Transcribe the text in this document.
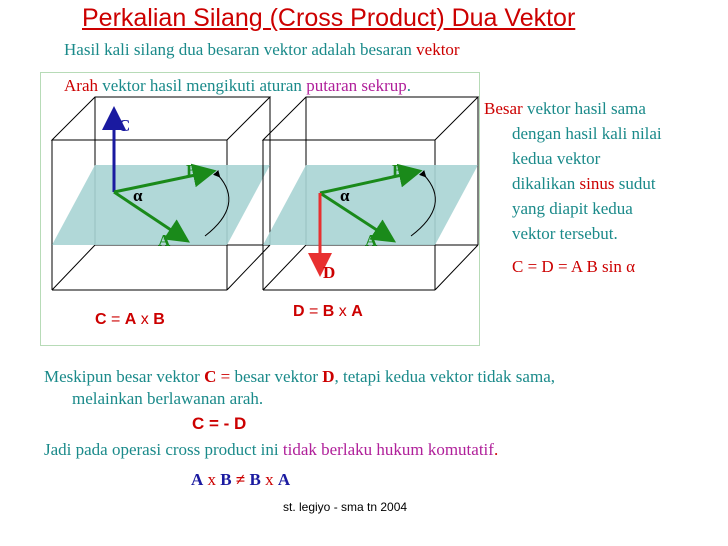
Perkalian Silang (Cross Product) Dua Vektor
Hasil kali silang dua besaran vektor adalah besaran vektor
Arah vektor hasil mengikuti aturan putaran sekrup.
C
B
α
A
B
α
A
D
Besar vektor hasil sama
dengan hasil kali nilai
kedua vektor
dikalikan sinus sudut
yang diapit kedua
vektor tersebut.
C = D = A B sin α
C = A x B	D = B x A
Meskipun besar vektor C = besar vektor D, tetapi kedua vektor tidak sama,
melainkan berlawanan arah.
C = - D
Jadi pada operasi cross product ini tidak berlaku hukum komutatif.
A x B ≠ B x A
st. legiyo - sma tn 2004
